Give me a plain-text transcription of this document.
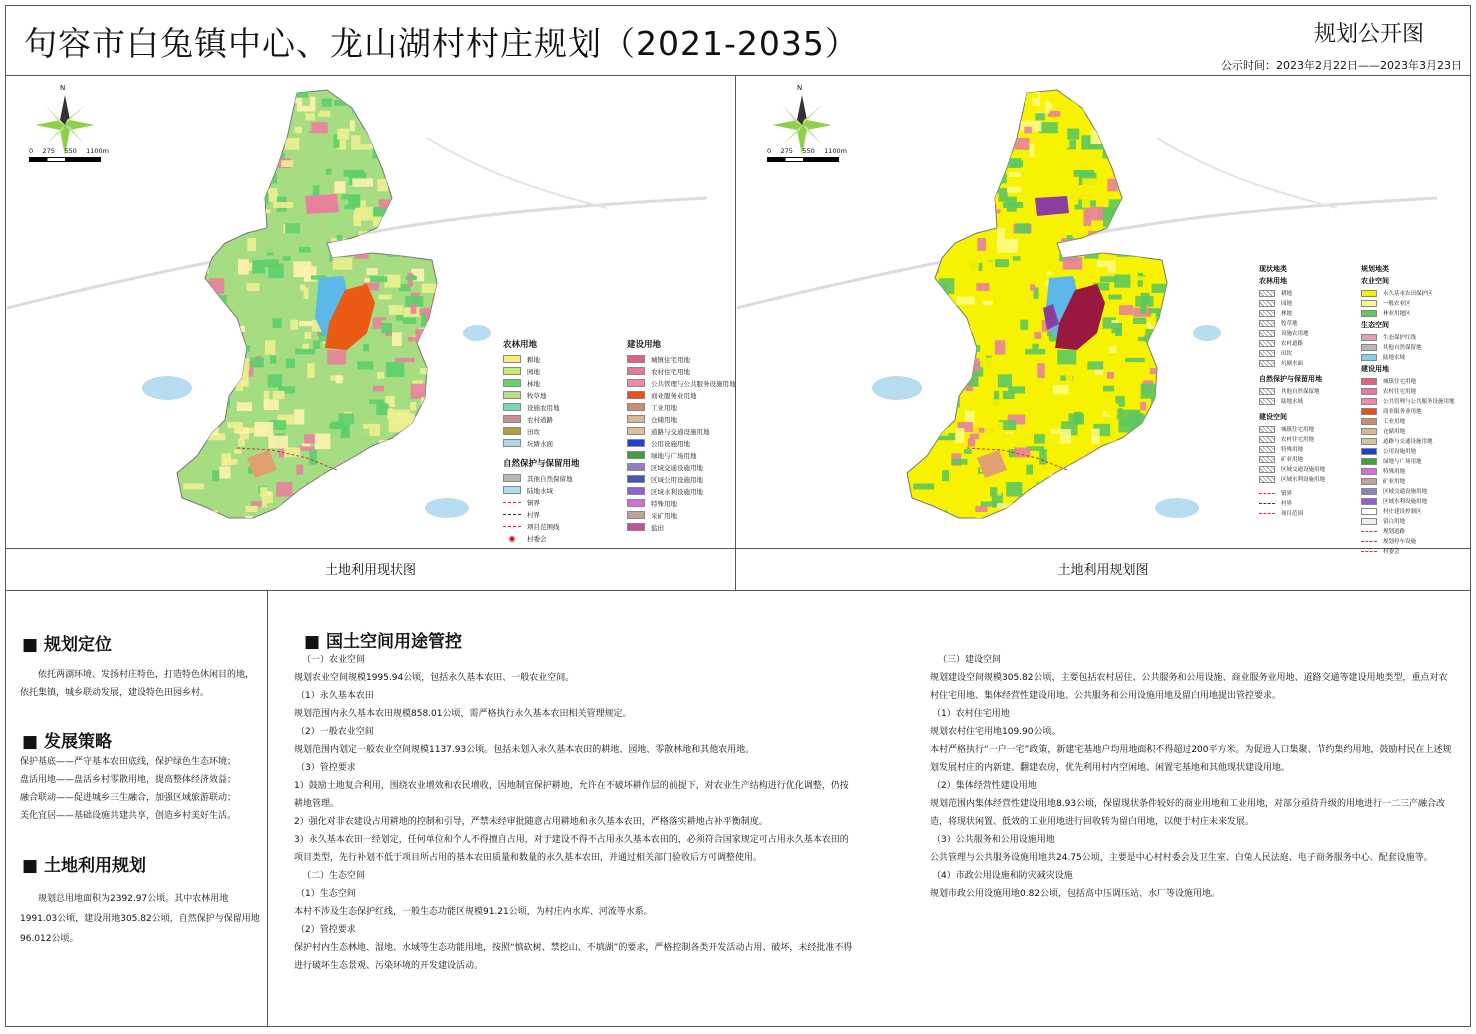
句容市白兔镇中心、龙山湖村村庄规划（2021-2035）	规划公开图
公示时间：2023年2月22日——2023年3月23日
N
0 275 550 1100m
农林用地
耕地
园地
林地
牧草地
设施农用地
农村道路
田坎
坑塘水面
自然保护与保留用地
其他自然保留地
陆地水域
镇界
村界
项目范围线
◉	村委会
建设用地
城镇住宅用地
农村住宅用地
公共管理与公共服务设施用地
商业服务业用地
工业用地
仓储用地
道路与交通设施用地
公用设施用地
绿地与广场用地
区域交通设施用地
区域公用设施用地
区域水利设施用地
特殊用地
采矿用地
盐田
N
0 275 550 1100m
现状地类
农林用地
耕地
园地
林地
牧草地
设施农用地
农村道路
田坎
坑塘水面
自然保护与保留用地
其他自然保留地
陆地水域
建设空间
城镇住宅用地
农村住宅用地
特殊用地
矿业用地
区域交通设施用地
区域水利设施用地
镇界
村界
项目范围
规划地类
农业空间
永久基本农田保护区
一般农业区
林业用地区
生态空间
生态保护红线
其他自然保留地
陆地水域
建设用地
城镇住宅用地
农村住宅用地
公共管理与公共服务设施用地
商业服务业用地
工业用地
仓储用地
道路与交通设施用地
公用设施用地
绿地与广场用地
特殊用地
矿业用地
区域交通设施用地
区域水利设施用地
村庄建设控制区
留白用地
规划道路
规划停车设施
村委会
土地利用现状图	土地利用规划图
■ 规划定位
依托两湖环境、发扬村庄特色，打造特色休闲目的地，依托集镇，城乡联动发展，建设特色田园乡村。
■ 发展策略
保护基底——严守基本农田底线，保护绿色生态环境；
盘活用地——盘活乡村零散用地，提高整体经济效益；
融合联动——促进城乡三生融合，加强区域旅游联动；
美化宜居——基础设施共建共享，创造乡村美好生活。
■ 土地利用规划
规划总用地面积为2392.97公顷。其中农林用地1991.03公顷，建设用地305.82公顷，自然保护与保留用地96.012公顷。
■ 国土空间用途管控
（一）农业空间
规划农业空间规模1995.94公顷，包括永久基本农田、一般农业空间。
（1）永久基本农田
规划范围内永久基本农田规模858.01公顷，需严格执行永久基本农田相关管理规定。
（2）一般农业空间
规划范围内划定一般农业空间规模1137.93公顷。包括未划入永久基本农田的耕地、园地、零散林地和其他农用地。
（3）管控要求
1）鼓励土地复合利用，围绕农业增效和农民增收，因地制宜保护耕地，允许在不破坏耕作层的前提下，对农业生产结构进行优化调整，仍按耕地管理。
2）强化对非农建设占用耕地的控制和引导，严禁未经审批随意占用耕地和永久基本农田，严格落实耕地占补平衡制度。
3）永久基本农田一经划定，任何单位和个人不得擅自占用，对于建设不得不占用永久基本农田的，必须符合国家规定可占用永久基本农田的项目类型，先行补划不低于项目所占用的基本农田质量和数量的永久基本农田，并通过相关部门验收后方可调整使用。
（二）生态空间
（1）生态空间
本村不涉及生态保护红线，一般生态功能区规模91.21公顷，为村庄内水库、河流等水系。
（2）管控要求
保护村内生态林地、湿地、水域等生态功能用地，按照“慎砍树、禁挖山、不填湖”的要求，严格控制各类开发活动占用、破坏，未经批准不得进行破坏生态景观、污染环境的开发建设活动。
（三）建设空间
规划建设空间规模305.82公顷，主要包括农村居住、公共服务和公用设施、商业服务业用地、道路交通等建设用地类型，重点对农村住宅用地、集体经营性建设用地、公共服务和公用设施用地及留白用地提出管控要求。
（1）农村住宅用地
规划农村住宅用地109.90公顷。
本村严格执行“一户一宅”政策，新建宅基地户均用地面积不得超过200平方米。为促进人口集聚、节约集约用地，鼓励村民在上述规划发展村庄的内新建、翻建农房，优先利用村内空闲地、闲置宅基地和其他现状建设用地。
（2）集体经营性建设用地
规划范围内集体经营性建设用地8.93公顷，保留现状条件较好的商业用地和工业用地，对部分亟待升级的用地进行一二三产融合改造，将现状闲置、低效的工业用地进行回收转为留白用地，以便于村庄未来发展。
（3）公共服务和公用设施用地
公共管理与公共服务设施用地共24.75公顷，主要是中心村村委会及卫生室、白兔人民法庭、电子商务服务中心、配套设施等。
（4）市政公用设施和防灾减灾设施
规划市政公用设施用地0.82公顷，包括高中压调压站、水厂等设施用地。
